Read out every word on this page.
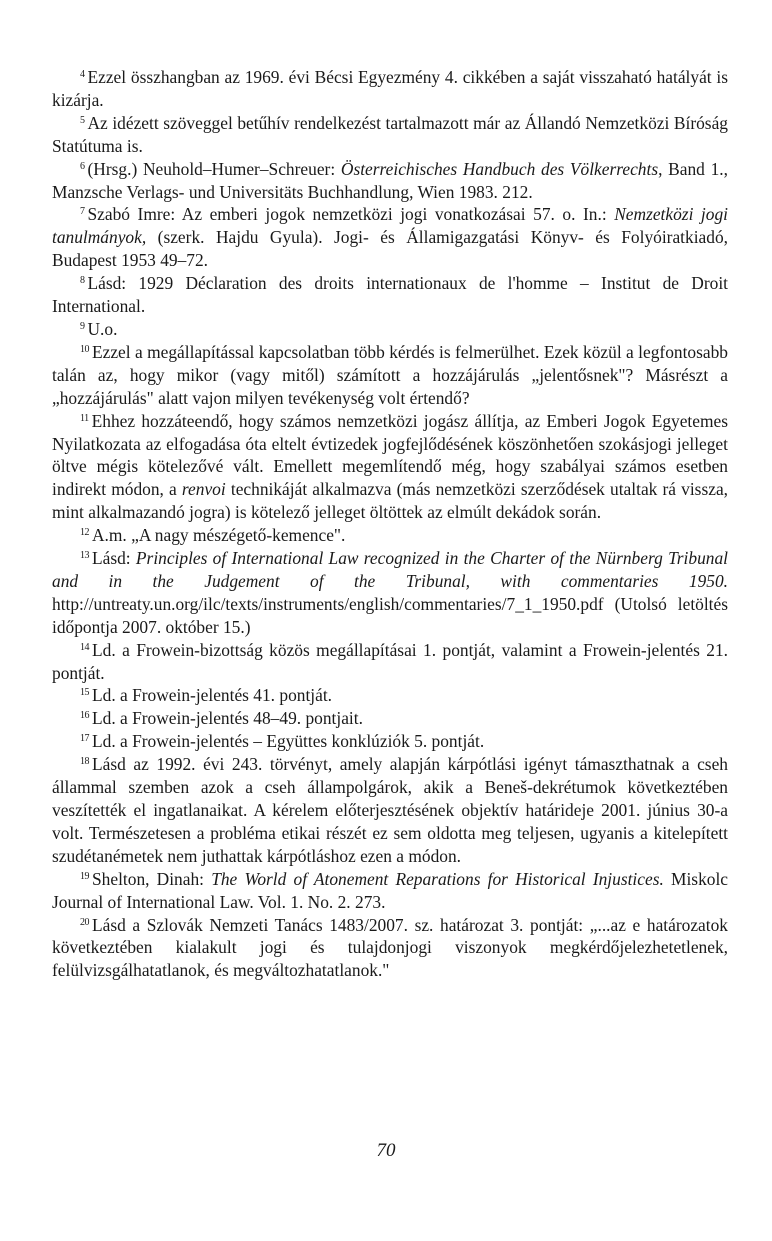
$^4$ Ezzel összhangban az 1969. évi Bécsi Egyezmény 4. cikkében a saját visszaható hatályát is kizárja.

$^5$ Az idézett szöveggel betűhív rendelkezést tartalmazott már az Állandó Nemzetközi Bíróság Statútuma is.

$^6$ (Hrsg.) Neuhold–Humer–Schreuer: Österreichisches Handbuch des Völkerrechts, Band 1., Manzsche Verlags- und Universitäts Buchhandlung, Wien 1983. 212.

$^7$ Szabó Imre: Az emberi jogok nemzetközi jogi vonatkozásai 57. o. In.: Nemzetközi jogi tanulmányok, (szerk. Hajdu Gyula). Jogi- és Államigazgatási Könyv- és Folyóiratkiadó, Budapest 1953 49–72.

$^8$ Lásd: 1929 Déclaration des droits internationaux de l'homme – Institut de Droit International.

$^9$ U.o.

$^{10}$ Ezzel a megállapítással kapcsolatban több kérdés is felmerülhet. Ezek közül a legfontosabb talán az, hogy mikor (vagy mitől) számított a hozzájárulás „jelentősnek"? Másrészt a „hozzájárulás" alatt vajon milyen tevékenység volt értendő?

$^{11}$ Ehhez hozzáteendő, hogy számos nemzetközi jogász állítja, az Emberi Jogok Egyetemes Nyilatkozata az elfogadása óta eltelt évtizedek jogfejlődésének köszönhetően szokásjogi jelleget öltve mégis kötelezővé vált. Emellett megemlítendő még, hogy szabályai számos esetben indirekt módon, a renvoi technikáját alkalmazva (más nemzetközi szerződések utaltak rá vissza, mint alkalmazandó jogra) is kötelező jelleget öltöttek az elmúlt dekádok során.

$^{12}$ A.m. „A nagy mészégető-kemence".

$^{13}$ Lásd: Principles of International Law recognized in the Charter of the Nürnberg Tribunal and in the Judgement of the Tribunal, with commentaries 1950. http://untreaty.un.org/ilc/texts/instruments/english/commentaries/7_1_1950.pdf (Utolsó letöltés időpontja 2007. október 15.)

$^{14}$ Ld. a Frowein-bizottság közös megállapításai 1. pontját, valamint a Frowein-jelentés 21. pontját.

$^{15}$ Ld. a Frowein-jelentés 41. pontját.

$^{16}$ Ld. a Frowein-jelentés 48–49. pontjait.

$^{17}$ Ld. a Frowein-jelentés – Együttes konklúziók 5. pontját.

$^{18}$ Lásd az 1992. évi 243. törvényt, amely alapján kárpótlási igényt támaszthatnak a cseh állammal szemben azok a cseh állampolgárok, akik a Beneš-dekrétumok következtében veszítették el ingatlanaikat. A kérelem előterjesztésének objektív határideje 2001. június 30-a volt. Természetesen a probléma etikai részét ez sem oldotta meg teljesen, ugyanis a kitelepített szudétanémetek nem juthattak kárpótláshoz ezen a módon.

$^{19}$ Shelton, Dinah: The World of Atonement Reparations for Historical Injustices. Miskolc Journal of International Law. Vol. 1. No. 2. 273.

$^{20}$ Lásd a Szlovák Nemzeti Tanács 1483/2007. sz. határozat 3. pontját: „...az e határozatok következtében kialakult jogi és tulajdonjogi viszonyok megkérdőjelezhetetlenek, felülvizsgálhatatlanok, és megváltozhatatlanok."

70
